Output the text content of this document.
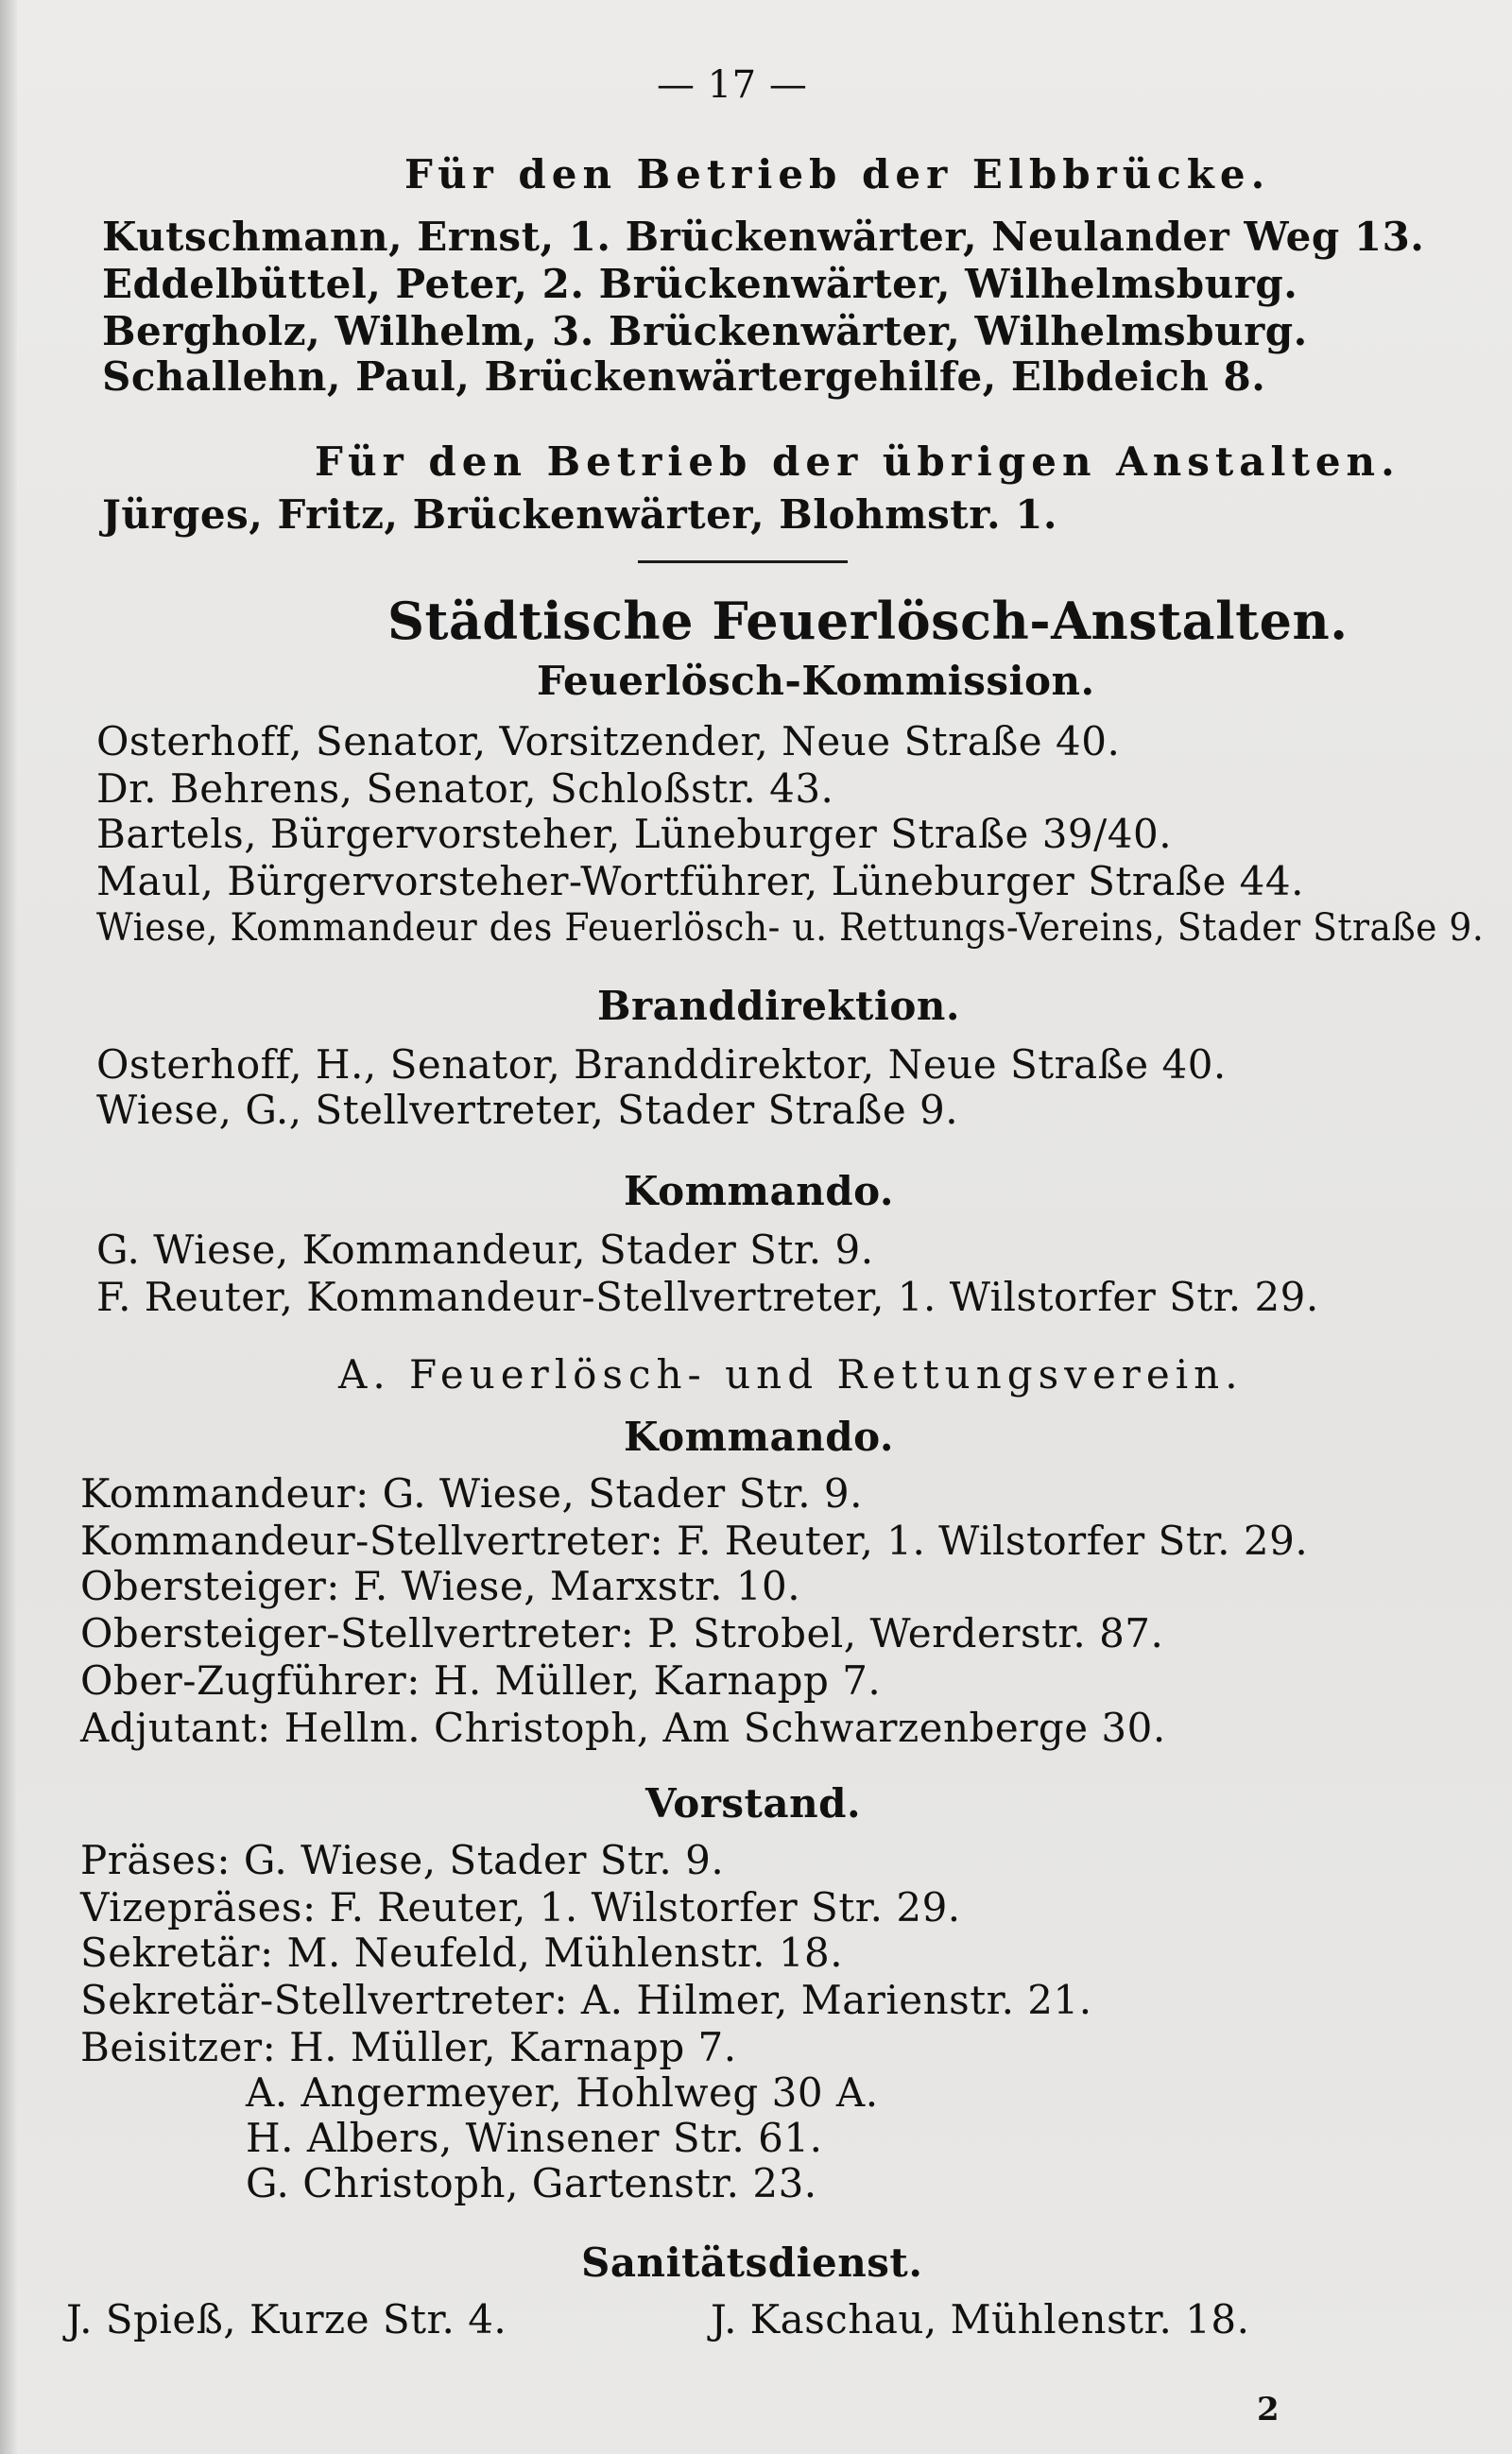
— 17 —
Für den Betrieb der Elbbrücke.
Kutschmann, Ernst, 1. Brückenwärter, Neulander Weg 13.
Eddelbüttel, Peter, 2. Brückenwärter, Wilhelmsburg.
Bergholz, Wilhelm, 3. Brückenwärter, Wilhelmsburg.
Schallehn, Paul, Brückenwärtergehilfe, Elbdeich 8.
Für den Betrieb der übrigen Anstalten.
Jürges, Fritz, Brückenwärter, Blohmstr. 1.
Städtische Feuerlösch-Anstalten.
Feuerlösch-Kommission.
Osterhoff, Senator, Vorsitzender, Neue Straße 40.
Dr. Behrens, Senator, Schloßstr. 43.
Bartels, Bürgervorsteher, Lüneburger Straße 39/40.
Maul, Bürgervorsteher-Wortführer, Lüneburger Straße 44.
Wiese, Kommandeur des Feuerlösch- u. Rettungs-Vereins, Stader Straße 9.
Branddirektion.
Osterhoff, H., Senator, Branddirektor, Neue Straße 40.
Wiese, G., Stellvertreter, Stader Straße 9.
Kommando.
G. Wiese, Kommandeur, Stader Str. 9.
F. Reuter, Kommandeur-Stellvertreter, 1. Wilstorfer Str. 29.
A. Feuerlösch- und Rettungsverein.
Kommando.
Kommandeur: G. Wiese, Stader Str. 9.
Kommandeur-Stellvertreter: F. Reuter, 1. Wilstorfer Str. 29.
Obersteiger: F. Wiese, Marxstr. 10.
Obersteiger-Stellvertreter: P. Strobel, Werderstr. 87.
Ober-Zugführer: H. Müller, Karnapp 7.
Adjutant: Hellm. Christoph, Am Schwarzenberge 30.
Vorstand.
Präses: G. Wiese, Stader Str. 9.
Vizepräses: F. Reuter, 1. Wilstorfer Str. 29.
Sekretär: M. Neufeld, Mühlenstr. 18.
Sekretär-Stellvertreter: A. Hilmer, Marienstr. 21.
Beisitzer: H. Müller, Karnapp 7.
A. Angermeyer, Hohlweg 30 A.
H. Albers, Winsener Str. 61.
G. Christoph, Gartenstr. 23.
Sanitätsdienst.
J. Spieß, Kurze Str. 4.	J. Kaschau, Mühlenstr. 18.
2
